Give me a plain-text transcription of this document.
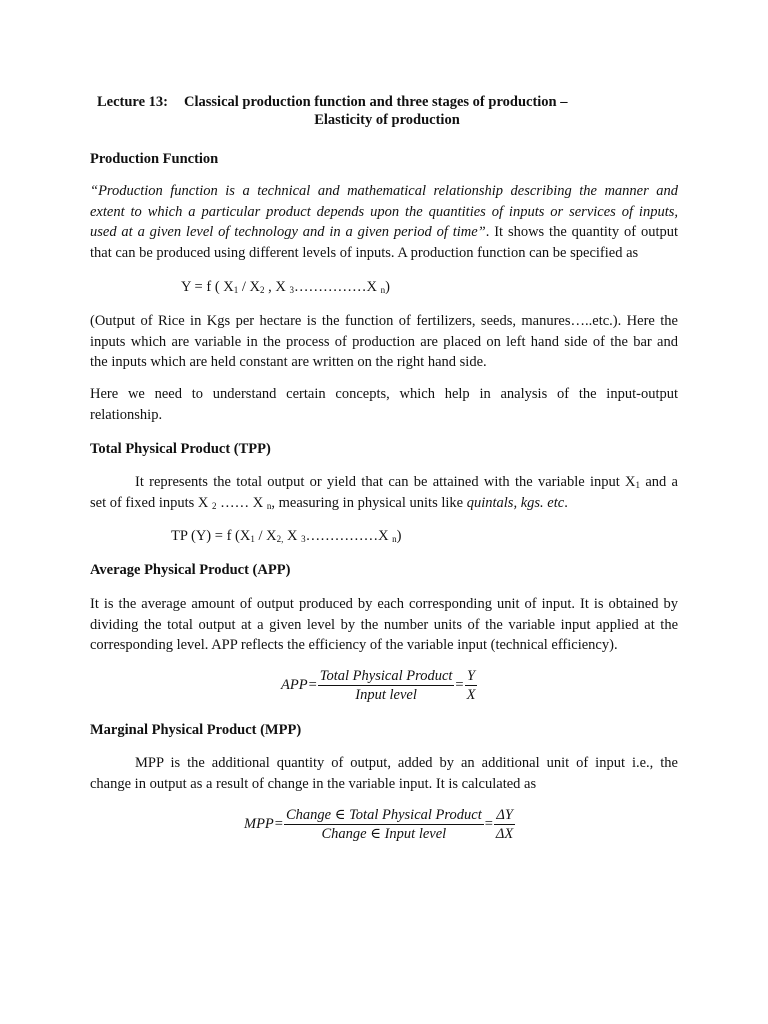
Lecture 13: Classical production function and three stages of production –
Elasticity of production
Production Function
“Production function is a technical and mathematical relationship describing the manner and
extent to which a particular product depends upon the quantities of inputs or services of inputs,
used at a given level of technology and in a given period of time”. It shows the quantity of output
that can be produced using different levels of inputs. A production function can be specified as
Y = f ( $X_1 / X_2$ , X $_3$……………X $_n$)
(Output of Rice in Kgs per hectare is the function of fertilizers, seeds, manures…..etc.). Here the
inputs which are variable in the process of production are placed on left hand side of the bar and
the inputs which are held constant are written on the right hand side.
Here we need to understand certain concepts, which help in analysis of the input-output
relationship.
Total Physical Product (TPP)
It represents the total output or yield that can be attained with the variable input $X_1$ and a
set of fixed inputs X $_2$ …… X $_n$, measuring in physical units like quintals, kgs. etc.
TP (Y) = f ($X_1 / X_{2,}$ X $_3$……………X $_n$)
Average Physical Product (APP)
It is the average amount of output produced by each corresponding unit of input. It is obtained by
dividing the total output at a given level by the number units of the variable input applied at the
corresponding level. APP reflects the efficiency of the variable input (technical efficiency).
APP = $\frac{\text{Total Physical Product}}{\text{Input level}} = \frac{Y}{X}$
Marginal Physical Product (MPP)
MPP is the additional quantity of output, added by an additional unit of input i.e., the
change in output as a result of change in the variable input. It is calculated as
MPP = $\frac{\text{Change ∈ Total Physical Product}}{\text{Change ∈ Input level}} = \frac{\Delta Y}{\Delta X}$
